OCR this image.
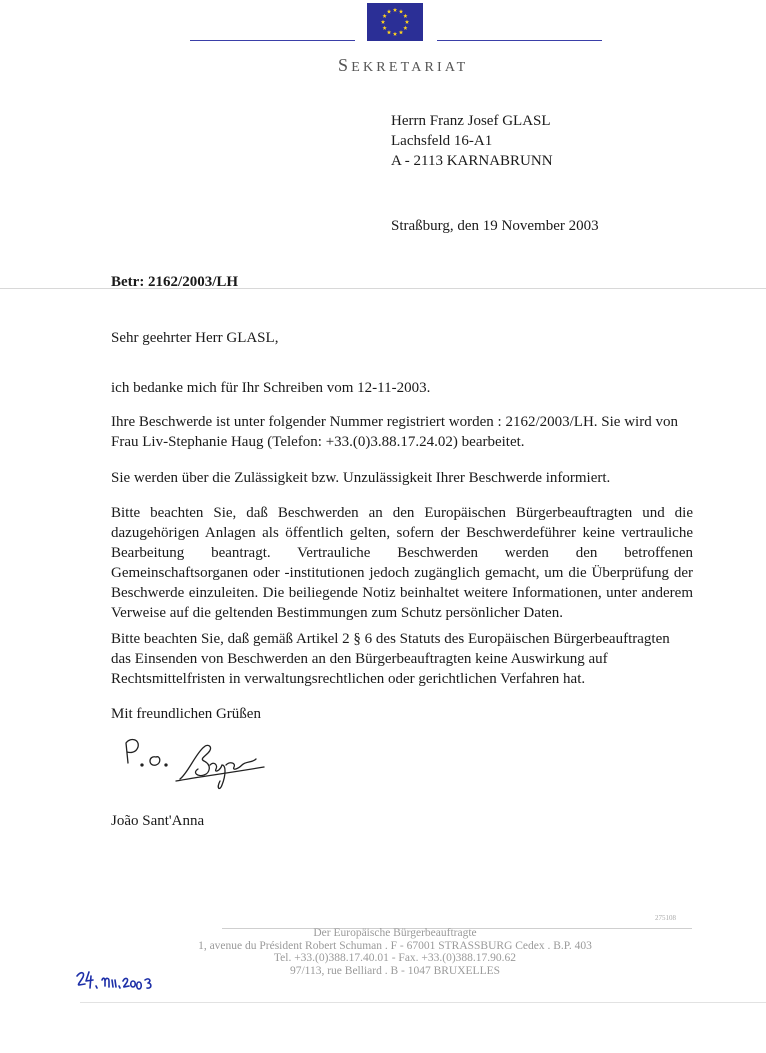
SEKRETARIAT
Herrn Franz Josef GLASL
Lachsfeld 16-A1
A - 2113 KARNABRUNN
Straßburg, den 19 November 2003
Betr: 2162/2003/LH
Sehr geehrter Herr GLASL,
ich bedanke mich für Ihr Schreiben vom 12-11-2003.
Ihre Beschwerde ist unter folgender Nummer registriert worden : 2162/2003/LH. Sie wird von Frau Liv-Stephanie Haug (Telefon: +33.(0)3.88.17.24.02) bearbeitet.
Sie werden über die Zulässigkeit bzw. Unzulässigkeit Ihrer Beschwerde informiert.
Bitte beachten Sie, daß Beschwerden an den Europäischen Bürgerbeauftragten und die dazugehörigen Anlagen als öffentlich gelten, sofern der Beschwerdeführer keine vertrauliche Bearbeitung beantragt. Vertrauliche Beschwerden werden den betroffenen Gemeinschaftsorganen oder -institutionen jedoch zugänglich gemacht, um die Überprüfung der Beschwerde einzuleiten. Die beiliegende Notiz beinhaltet weitere Informationen, unter anderem Verweise auf die geltenden Bestimmungen zum Schutz persönlicher Daten.
Bitte beachten Sie, daß gemäß Artikel 2 § 6 des Statuts des Europäischen Bürgerbeauftragten das Einsenden von Beschwerden an den Bürgerbeauftragten keine Auswirkung auf Rechtsmittelfristen in verwaltungsrechtlichen oder gerichtlichen Verfahren hat.
Mit freundlichen Grüßen
João Sant'Anna
275108
Der Europäische Bürgerbeauftragte
1, avenue du Président Robert Schuman . F - 67001 STRASSBURG Cedex . B.P. 403
Tel. +33.(0)388.17.40.01 - Fax. +33.(0)388.17.90.62
97/113, rue Belliard . B - 1047 BRUXELLES
